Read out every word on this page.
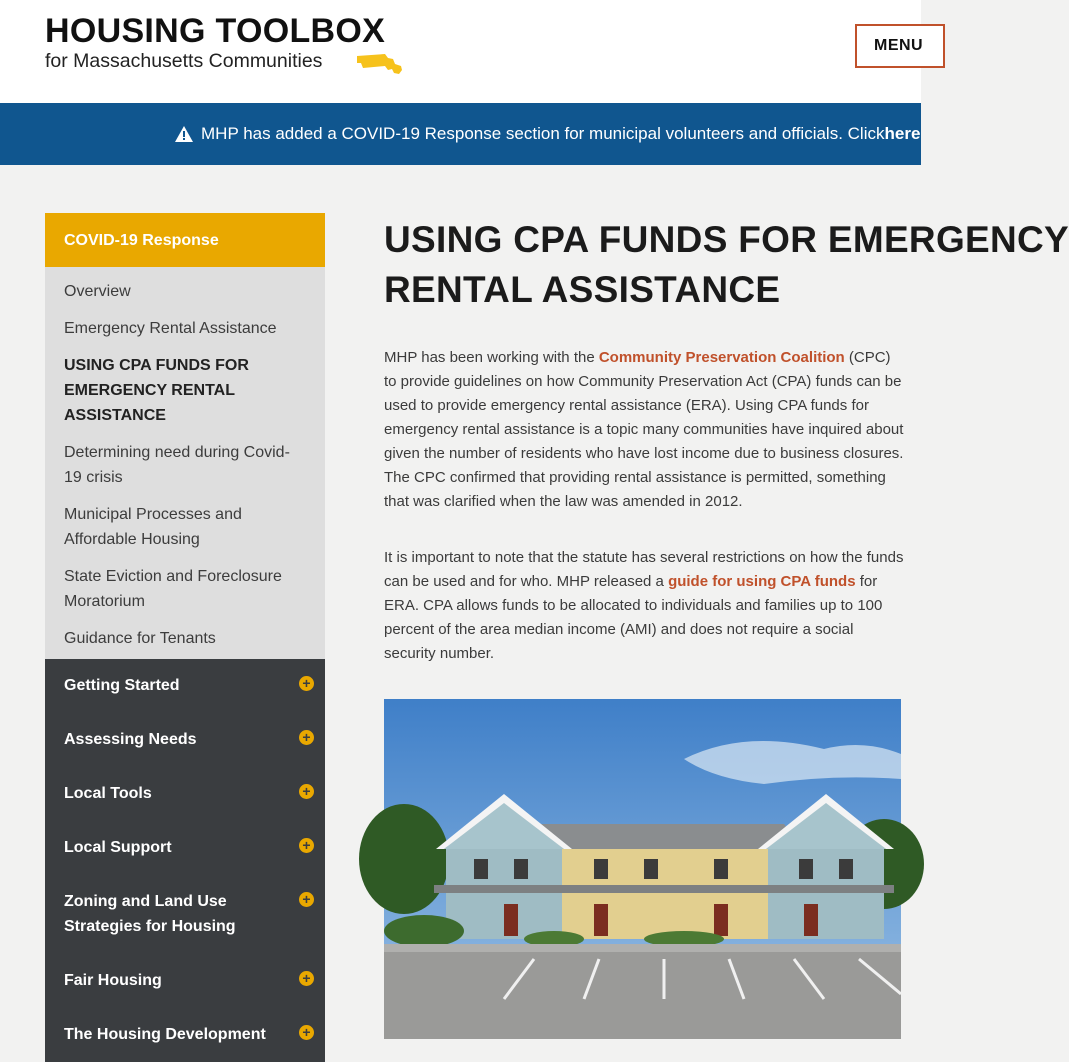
HOUSING TOOLBOX
for Massachusetts Communities
MENU
MHP has added a COVID-19 Response section for municipal volunteers and officials. Click here
COVID-19 Response
Overview
Emergency Rental Assistance
USING CPA FUNDS FOR EMERGENCY RENTAL ASSISTANCE
Determining need during Covid-19 crisis
Municipal Processes and Affordable Housing
State Eviction and Foreclosure Moratorium
Guidance for Tenants
Getting Started	+
Assessing Needs	+
Local Tools	+
Local Support	+
Zoning and Land Use Strategies for Housing
+
Fair Housing	+
The Housing Development	+
USING CPA FUNDS FOR EMERGENCY
RENTAL ASSISTANCE

MHP has been working with the Community Preservation Coalition (CPC) to provide guidelines on how Community Preservation Act (CPA) funds can be used to provide emergency rental assistance (ERA). Using CPA funds for emergency rental assistance is a topic many communities have inquired about given the number of residents who have lost income due to business closures. The CPC confirmed that providing rental assistance is permitted, something that was clarified when the law was amended in 2012.

It is important to note that the statute has several restrictions on how the funds can be used and for who. MHP released a guide for using CPA funds for ERA. CPA allows funds to be allocated to individuals and families up to 100 percent of the area median income (AMI) and does not require a social security number.
